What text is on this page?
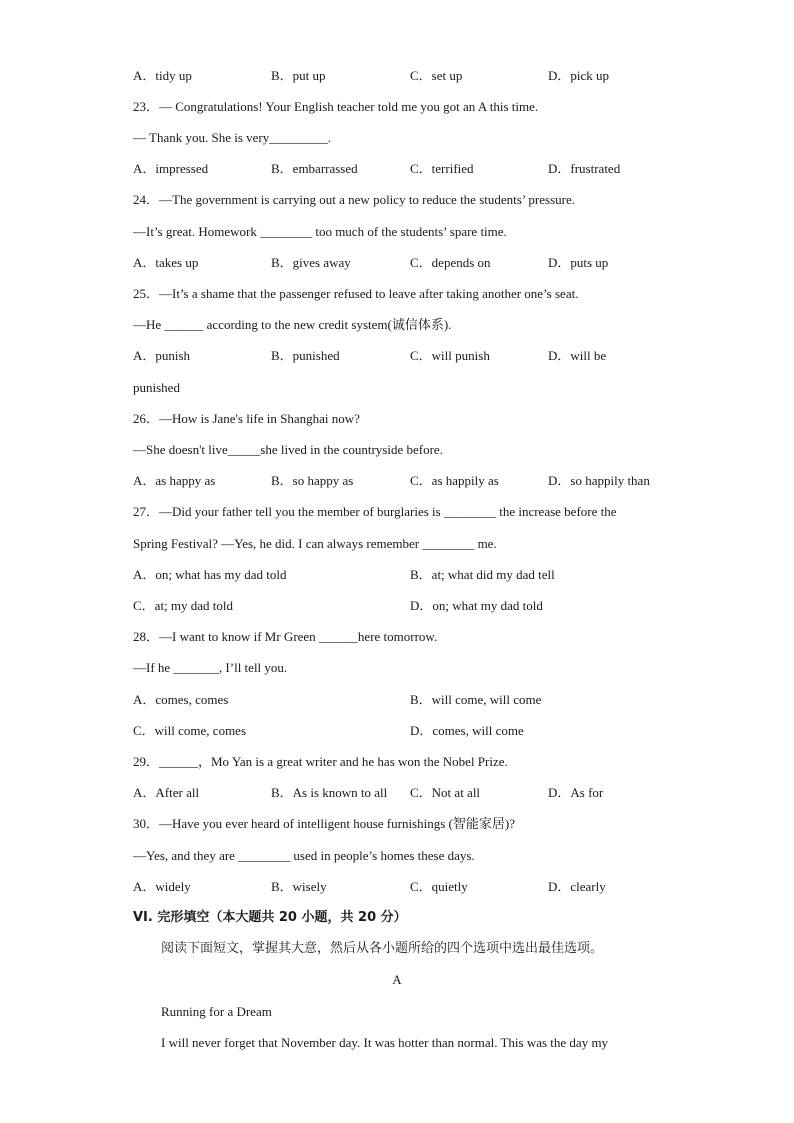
A．tidy up	B．put up	C．set up	D．pick up
23．— Congratulations! Your English teacher told me you got an A this time.
— Thank you. She is very_________.
A．impressed	B．embarrassed	C．terrified	D．frustrated
24．—The government is carrying out a new policy to reduce the students’ pressure.
—It’s great. Homework ________ too much of the students’ spare time.
A．takes up	B．gives away	C．depends on	D．puts up
25．—It’s a shame that the passenger refused to leave after taking another one’s seat.
—He ______ according to the new credit system(诚信体系).
A．punish	B．punished	C．will punish	D．will be
punished
26．—How is Jane's life in Shanghai now?
—She doesn't live_____she lived in the countryside before.
A．as happy as	B．so happy as	C．as happily as	D．so happily than
27．—Did your father tell you the member of burglaries is ________ the increase before the
Spring Festival? —Yes, he did. I can always remember ________ me.
A．on; what has my dad told	B．at; what did my dad tell
C．at; my dad told	D．on; what my dad told
28．—I want to know if Mr Green ______here tomorrow.
—If he _______, I’ll tell you.
A．comes, comes	B．will come, will come
C．will come, comes	D．comes, will come
29．______，Mo Yan is a great writer and he has won the Nobel Prize.
A．After all	B．As is known to all C．Not at all	D．As for
30．—Have you ever heard of intelligent house furnishings (智能家居)?
—Yes, and they are ________ used in people’s homes these days.
A．widely	B．wisely	C．quietly	D．clearly
VI. 完形填空（本大题共 20 小题，共 20 分）
阅读下面短文，掌握其大意，然后从各小题所给的四个选项中选出最佳选项。
A
Running for a Dream
I will never forget that November day. It was hotter than normal. This was the day my
